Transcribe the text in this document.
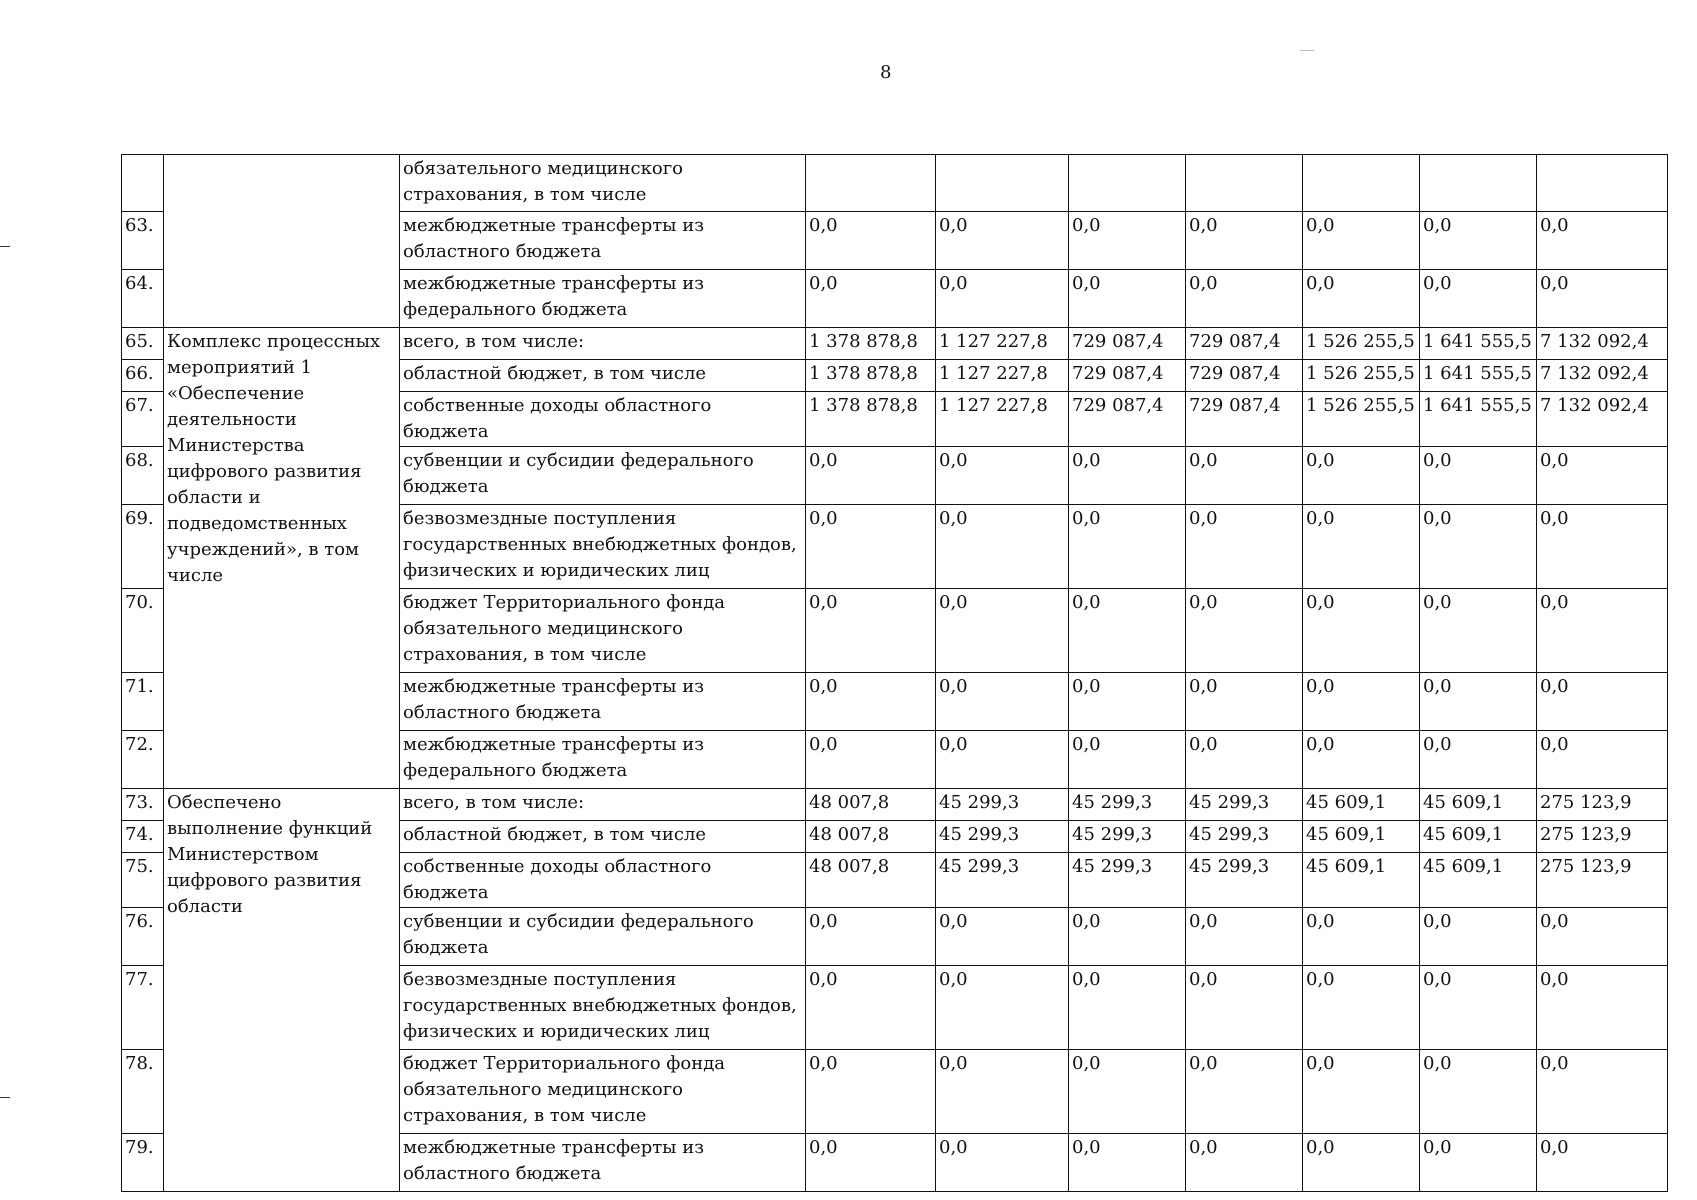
8
		обязательного медицинского страхования, в том числе							
63.		межбюджетные трансферты из областного бюджета	0,0	0,0	0,0	0,0	0,0	0,0	0,0
64.		межбюджетные трансферты из федерального бюджета	0,0	0,0	0,0	0,0	0,0	0,0	0,0
65.	Комплекс процессных мероприятий 1 «Обеспечение деятельности Министерства цифрового развития области и подведомственных учреждений», в том числе	всего, в том числе:	1 378 878,8	1 127 227,8	729 087,4	729 087,4	1 526 255,5	1 641 555,5	7 132 092,4
66.		областной бюджет, в том числе	1 378 878,8	1 127 227,8	729 087,4	729 087,4	1 526 255,5	1 641 555,5	7 132 092,4
67.		собственные доходы областного бюджета	1 378 878,8	1 127 227,8	729 087,4	729 087,4	1 526 255,5	1 641 555,5	7 132 092,4
68.		субвенции и субсидии федерального бюджета	0,0	0,0	0,0	0,0	0,0	0,0	0,0
69.		безвозмездные поступления государственных внебюджетных фондов, физических и юридических лиц	0,0	0,0	0,0	0,0	0,0	0,0	0,0
70.		бюджет Территориального фонда обязательного медицинского страхования, в том числе	0,0	0,0	0,0	0,0	0,0	0,0	0,0
71.		межбюджетные трансферты из областного бюджета	0,0	0,0	0,0	0,0	0,0	0,0	0,0
72.		межбюджетные трансферты из федерального бюджета	0,0	0,0	0,0	0,0	0,0	0,0	0,0
73.	Обеспечено выполнение функций Министерством цифрового развития области	всего, в том числе:	48 007,8	45 299,3	45 299,3	45 299,3	45 609,1	45 609,1	275 123,9
74.		областной бюджет, в том числе	48 007,8	45 299,3	45 299,3	45 299,3	45 609,1	45 609,1	275 123,9
75.		собственные доходы областного бюджета	48 007,8	45 299,3	45 299,3	45 299,3	45 609,1	45 609,1	275 123,9
76.		субвенции и субсидии федерального бюджета	0,0	0,0	0,0	0,0	0,0	0,0	0,0
77.		безвозмездные поступления государственных внебюджетных фондов, физических и юридических лиц	0,0	0,0	0,0	0,0	0,0	0,0	0,0
78.		бюджет Территориального фонда обязательного медицинского страхования, в том числе	0,0	0,0	0,0	0,0	0,0	0,0	0,0
79.		межбюджетные трансферты из областного бюджета	0,0	0,0	0,0	0,0	0,0	0,0	0,0
